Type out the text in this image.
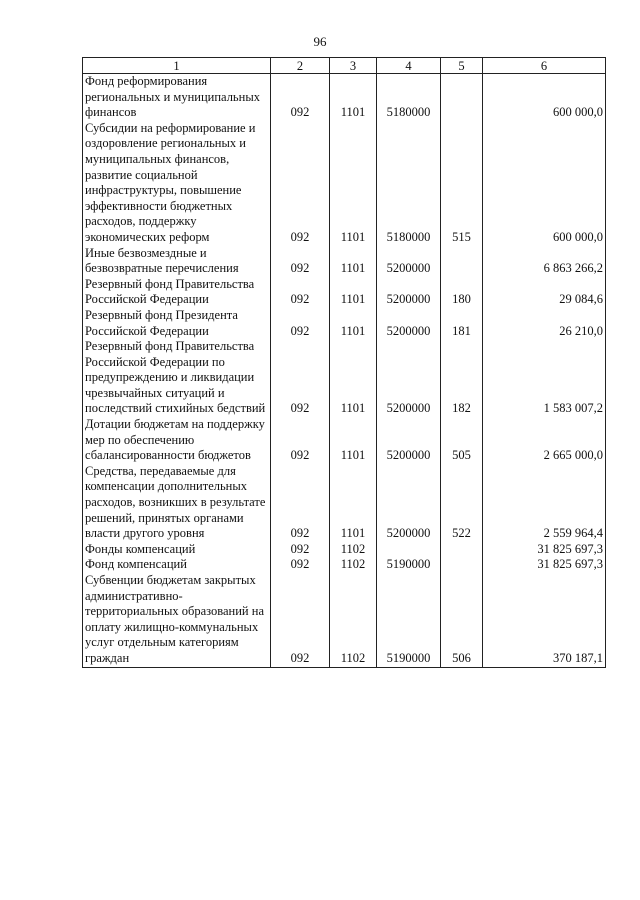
96
1	2	3	4	5	6
Фонд реформирования региональных и муниципальных финансов	092	1101	5180000		600 000,0
Субсидии на реформирование и оздоровление региональных и муниципальных финансов, развитие социальной инфраструктуры, повышение эффективности бюджетных расходов, поддержку экономических реформ	092	1101	5180000	515	600 000,0
Иные безвозмездные и безвозвратные перечисления	092	1101	5200000		6 863 266,2
Резервный фонд Правительства Российской Федерации	092	1101	5200000	180	29 084,6
Резервный фонд Президента Российской Федерации	092	1101	5200000	181	26 210,0
Резервный фонд Правительства Российской Федерации по предупреждению и ликвидации чрезвычайных ситуаций и последствий стихийных бедствий	092	1101	5200000	182	1 583 007,2
Дотации бюджетам на поддержку мер по обеспечению сбалансированности бюджетов	092	1101	5200000	505	2 665 000,0
Средства, передаваемые для компенсации дополнительных расходов, возникших в результате решений, принятых органами власти другого уровня	092	1101	5200000	522	2 559 964,4
Фонды компенсаций	092	1102			31 825 697,3
Фонд компенсаций	092	1102	5190000		31 825 697,3
Субвенции бюджетам закрытых административно-территориальных образований на оплату жилищно-коммунальных услуг отдельным категориям граждан	092	1102	5190000	506	370 187,1
